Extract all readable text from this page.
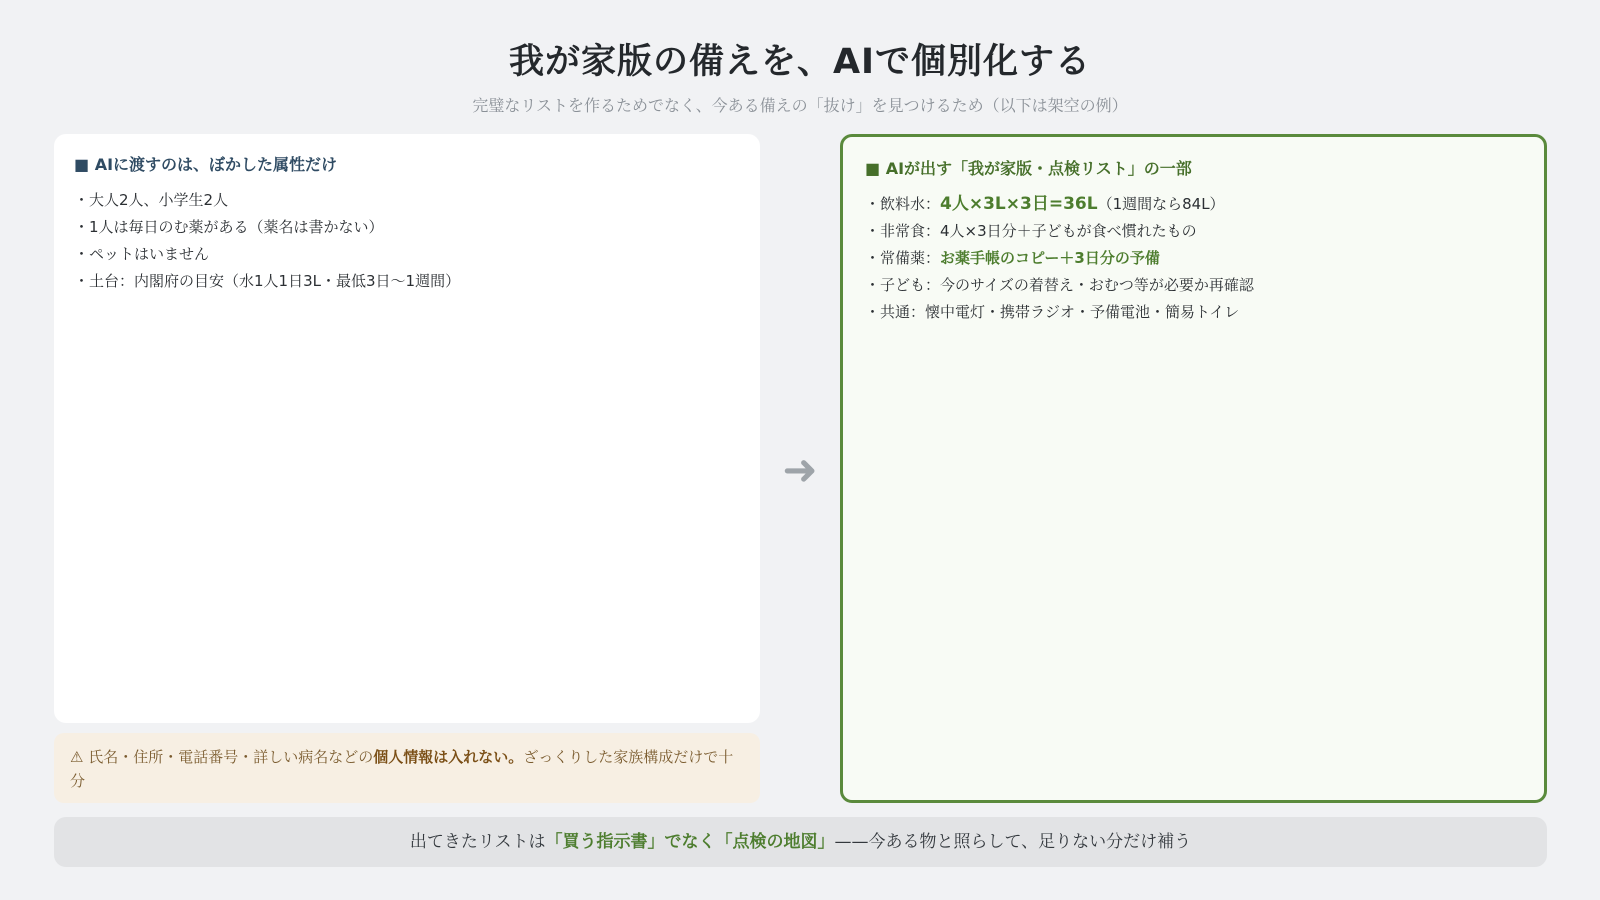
我が家版の備えを、AIで個別化する
完璧なリストを作るためでなく、今ある備えの「抜け」を見つけるため（以下は架空の例）
■ AIに渡すのは、ぼかした属性だけ
・大人2人、小学生2人
・1人は毎日のむ薬がある（薬名は書かない）
・ペットはいません
・土台：内閣府の目安（水1人1日3L・最低3日〜1週間）
➜
⚠ 氏名・住所・電話番号・詳しい病名などの個人情報は入れない。ざっくりした家族構成だけで十分
■ AIが出す「我が家版・点検リスト」の一部
・飲料水：4人×3L×3日=36L（1週間なら84L）
・非常食：4人×3日分＋子どもが食べ慣れたもの
・常備薬：お薬手帳のコピー＋3日分の予備
・子ども：今のサイズの着替え・おむつ等が必要か再確認
・共通：懐中電灯・携帯ラジオ・予備電池・簡易トイレ
出てきたリストは「買う指示書」でなく「点検の地図」——今ある物と照らして、足りない分だけ補う
